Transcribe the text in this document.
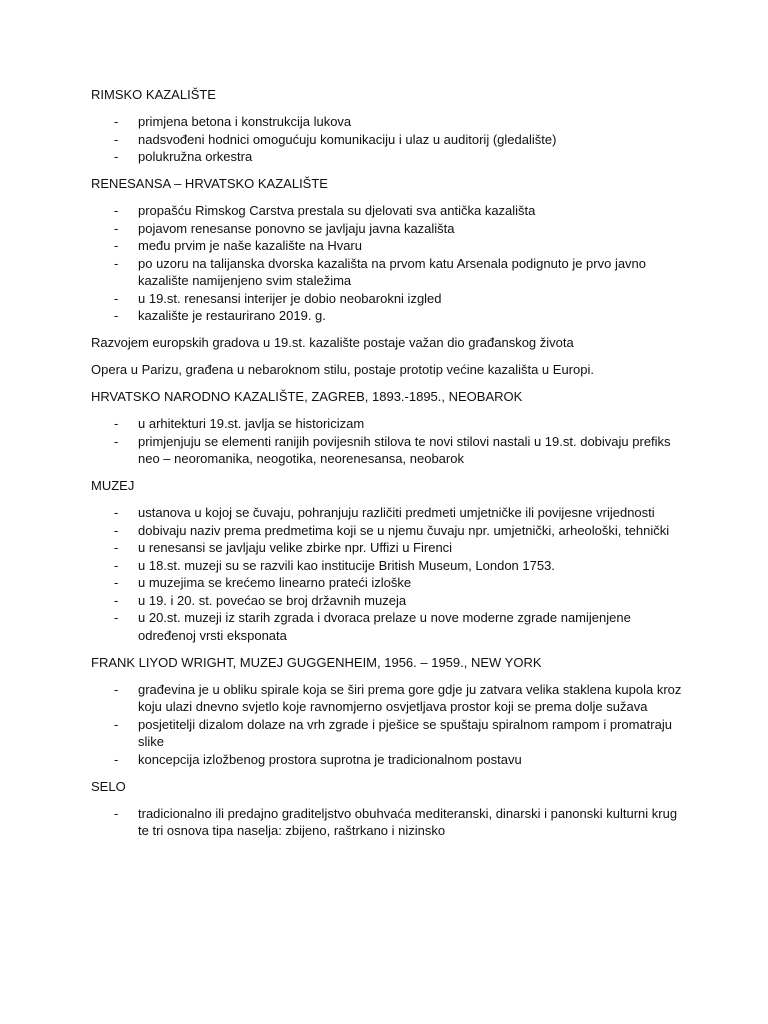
RIMSKO KAZALIŠTE

- primjena betona i konstrukcija lukova
- nadsvođeni hodnici omogućuju komunikaciju i ulaz u auditorij (gledalište)
- polukružna orkestra

RENESANSA – HRVATSKO KAZALIŠTE

- propašću Rimskog Carstva prestala su djelovati sva antička kazališta
- pojavom renesanse ponovno se javljaju javna kazališta
- među prvim je naše kazalište na Hvaru
- po uzoru na talijanska dvorska kazališta na prvom katu Arsenala podignuto je prvo javno kazalište namijenjeno svim staležima
- u 19.st. renesansi interijer je dobio neobarokni izgled
- kazalište je restaurirano 2019. g.

Razvojem europskih gradova u 19.st. kazalište postaje važan dio građanskog života

Opera u Parizu, građena u nebaroknom stilu, postaje prototip većine kazališta u Europi.

HRVATSKO NARODNO KAZALIŠTE, ZAGREB, 1893.-1895., NEOBAROK

- u arhitekturi 19.st. javlja se historicizam
- primjenjuju se elementi ranijih povijesnih stilova te novi stilovi nastali u 19.st. dobivaju prefiks neo – neoromanika, neogotika, neorenesansa, neobarok

MUZEJ

- ustanova u kojoj se čuvaju, pohranjuju različiti predmeti umjetničke ili povijesne vrijednosti
- dobivaju naziv prema predmetima koji se u njemu čuvaju npr. umjetnički, arheološki, tehnički
- u renesansi se javljaju velike zbirke npr. Uffizi u Firenci
- u 18.st. muzeji su se razvili kao institucije British Museum, London 1753.
- u muzejima se krećemo linearno prateći izloške
- u 19. i 20. st. povećao se broj državnih muzeja
- u 20.st. muzeji iz starih zgrada i dvoraca prelaze u nove moderne zgrade namijenjene određenoj vrsti eksponata

FRANK LIYOD WRIGHT, MUZEJ GUGGENHEIM, 1956. – 1959., NEW YORK

- građevina je u obliku spirale koja se širi prema gore gdje ju zatvara velika staklena kupola kroz koju ulazi dnevno svjetlo koje ravnomjerno osvjetljava prostor koji se prema dolje sužava
- posjetitelji dizalom dolaze na vrh zgrade i pješice se spuštaju spiralnom rampom i promatraju slike
- koncepcija izložbenog prostora suprotna je tradicionalnom postavu

SELO

- tradicionalno ili predajno graditeljstvo obuhvaća mediteranski, dinarski i panonski kulturni krug te tri osnova tipa naselja: zbijeno, raštrkano i nizinsko
